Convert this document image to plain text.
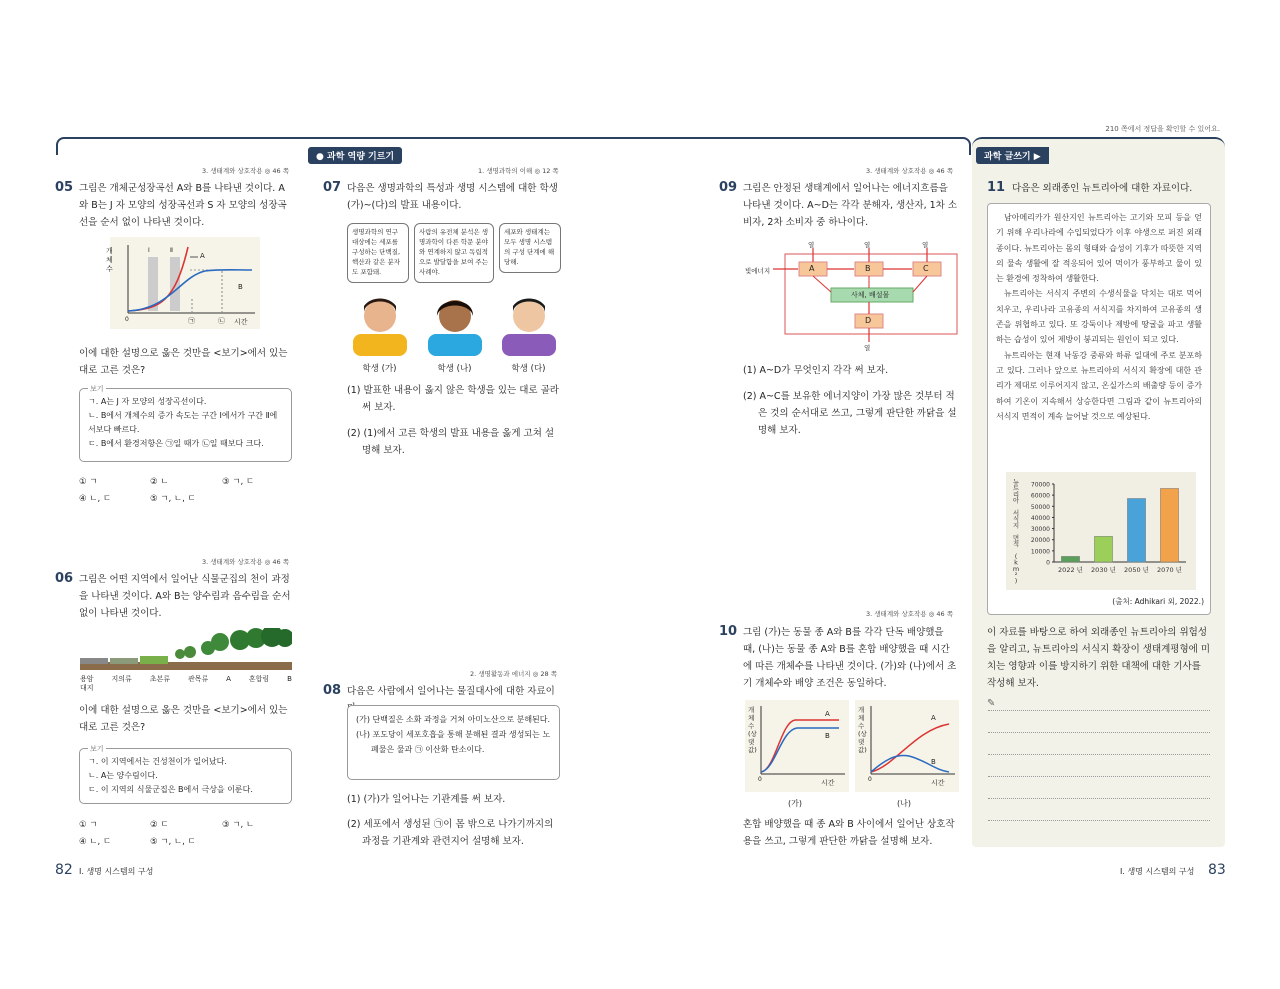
210 쪽에서 정답을 확인할 수 있어요.
● 과학 역량 기르기	과학 글쓰기 ▶
3. 생태계와 상호작용 ◎ 46 쪽
05 그림은 개체군성장곡선 A와 B를 나타낸 것이다. A와 B는 J 자 모양의 성장곡선과 S 자 모양의 성장곡선을 순서 없이 나타낸 것이다.
개체수
Ⅰ	Ⅱ
A
B
0	㉠	㉡ 시간
이에 대한 설명으로 옳은 것만을 <보기>에서 있는 대로 고른 것은?
보기
ㄱ. A는 J 자 모양의 성장곡선이다.
ㄴ. B에서 개체수의 증가 속도는 구간 Ⅰ에서가 구간 Ⅱ에서보다 빠르다.
ㄷ. B에서 환경저항은 ㉠일 때가 ㉡일 때보다 크다.
① ㄱ	② ㄴ	③ ㄱ, ㄷ
④ ㄴ, ㄷ	⑤ ㄱ, ㄴ, ㄷ
3. 생태계와 상호작용 ◎ 46 쪽
06 그림은 어떤 지역에서 일어난 식물군집의 천이 과정을 나타낸 것이다. A와 B는 양수림과 음수림을 순서 없이 나타낸 것이다.
용암
대지
지의류	초본류	관목류	A	혼합림	B
이에 대한 설명으로 옳은 것만을 <보기>에서 있는 대로 고른 것은?
보기
ㄱ. 이 지역에서는 건성천이가 일어났다.
ㄴ. A는 양수림이다.
ㄷ. 이 지역의 식물군집은 B에서 극상을 이룬다.
① ㄱ	② ㄷ	③ ㄱ, ㄴ
④ ㄴ, ㄷ	⑤ ㄱ, ㄴ, ㄷ
1. 생명과학의 이해 ◎ 12 쪽
07 다음은 생명과학의 특성과 생명 시스템에 대한 학생 (가)~(다)의 발표 내용이다.
생명과학의 연구 대상에는 세포를 구성하는 단백질, 핵산과 같은 분자도 포함돼.
사람의 유전체 분석은 생명과학이 다른 학문 분야와 연계하지 않고 독립적으로 발달함을 보여 주는 사례야.
세포와 생태계는 모두 생명 시스템의 구성 단계에 해당해.
학생 (가)	학생 (나)	학생 (다)
(1) 발표한 내용이 옳지 않은 학생을 있는 대로 골라 써 보자.
(2) (1)에서 고른 학생의 발표 내용을 옳게 고쳐 설명해 보자.
2. 생명활동과 에너지 ◎ 28 쪽
08 다음은 사람에서 일어나는 물질대사에 대한 자료이
(가) 단백질은 소화 과정을 거쳐 아미노산으로 분해된다.
(나) 포도당이 세포호흡을 통해 분해된 결과 생성되는 노폐물은 물과 ㉠ 이산화 탄소이다.
(1) (가)가 일어나는 기관계를 써 보자.
(2) 세포에서 생성된 ㉠이 몸 밖으로 나가기까지의 과정을 기관계와 관련지어 설명해 보자.
3. 생태계와 상호작용 ◎ 46 쪽
09 그림은 안정된 생태계에서 일어나는 에너지흐름을 나타낸 것이다. A~D는 각각 분해자, 생산자, 1차 소비자, 2차 소비자 중 하나이다.
빛에너지
열	열	열
열
A	B	C
사체, 배설물
D
(1) A~D가 무엇인지 각각 써 보자.
(2) A~C를 보유한 에너지양이 가장 많은 것부터 적은 것의 순서대로 쓰고, 그렇게 판단한 까닭을 설명해 보자.
3. 생태계와 상호작용 ◎ 46 쪽
10 그림 (가)는 동물 종 A와 B를 각각 단독 배양했을 때, (나)는 동물 종 A와 B를 혼합 배양했을 때 시간에 따른 개체수를 나타낸 것이다. (가)와 (나)에서 초기 개체수와 배양 조건은 동일하다.
개체수(상댓값)
A
B
0	시간
개체수(상댓값)
A
B
0	시간
(가)	(나)
혼합 배양했을 때 종 A와 B 사이에서 일어난 상호작용을 쓰고, 그렇게 판단한 까닭을 설명해 보자.
11 다음은 외래종인 뉴트리아에 대한 자료이다.

남아메리카가 원산지인 뉴트리아는 고기와 모피 등을 얻기 위해 우리나라에 수입되었다가 이후 야생으로 퍼진 외래종이다. 뉴트리아는 몸의 형태와 습성이 기후가 따뜻한 지역의 물속 생활에 잘 적응되어 있어 먹이가 풍부하고 물이 있는 환경에 정착하여 생활한다.

뉴트리아는 서식지 주변의 수생식물을 닥치는 대로 먹어 치우고, 우리나라 고유종의 서식지를 차지하여 고유종의 생존을 위협하고 있다. 또 강둑이나 제방에 땅굴을 파고 생활하는 습성이 있어 제방이 붕괴되는 원인이 되고 있다.

뉴트리아는 현재 낙동강 중류와 하류 일대에 주로 분포하고 있다. 그러나 앞으로 뉴트리아의 서식지 확장에 대한 관리가 제대로 이루어지지 않고, 온실가스의 배출량 등이 증가하여 기온이 지속해서 상승한다면 그림과 같이 뉴트리아의 서식지 면적이 계속 늘어날 것으로 예상된다.

70000
60000
50000
40000
30000
20000
10000
0
뉴
트
리
아
서
식
지
면
적
(
k
m
²
)
2022 년 2030 년 2050 년 2070 년
(출처: Adhikari 외, 2022.)
이 자료를 바탕으로 하여 외래종인 뉴트리아의 위험성을 알리고, 뉴트리아의 서식지 확장이 생태계평형에 미치는 영향과 이를 방지하기 위한 대책에 대한 기사를 작성해 보자.
✎
82 Ⅰ. 생명 시스템의 구성	Ⅰ. 생명 시스템의 구성 83
